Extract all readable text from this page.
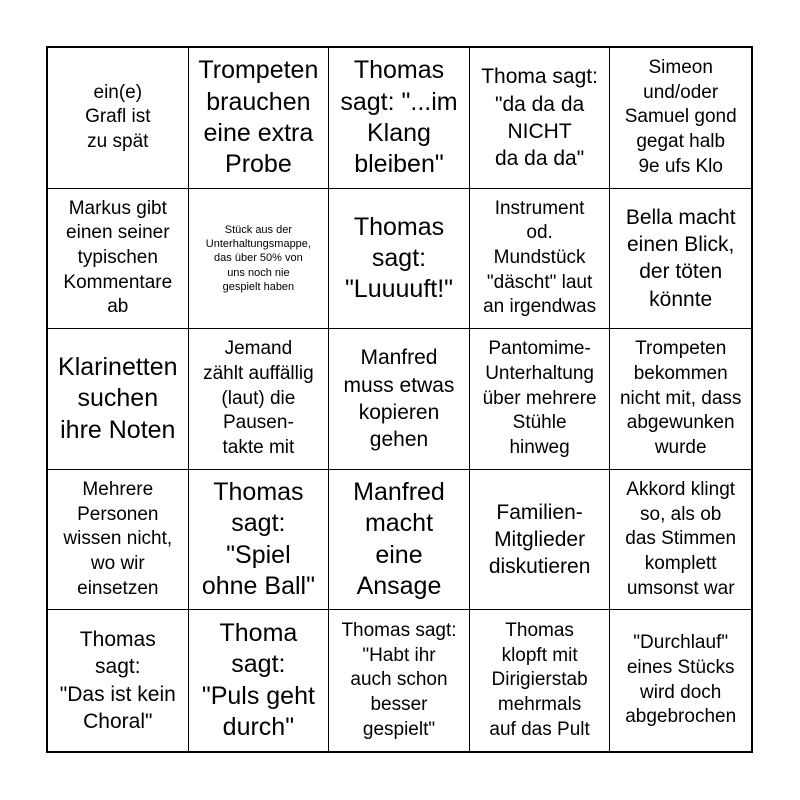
ein(e)
Grafl ist
zu spät
Trompeten
brauchen
eine extra
Probe
Thomas
sagt: "...im
Klang
bleiben"
Thoma sagt:
"da da da
NICHT
da da da"
Simeon
und/oder
Samuel gond
gegat halb
9e ufs Klo
Markus gibt
einen seiner
typischen
Kommentare
ab
Stück aus der
Unterhaltungsmappe,
das über 50% von
uns noch nie
gespielt haben
Thomas
sagt:
"Luuuuft!"
Instrument
od.
Mundstück
"däscht" laut
an irgendwas
Bella macht
einen Blick,
der töten
könnte
Klarinetten
suchen
ihre Noten
Jemand
zählt auffällig
(laut) die
Pausen-
takte mit
Manfred
muss etwas
kopieren
gehen
Pantomime-
Unterhaltung
über mehrere
Stühle
hinweg
Trompeten
bekommen
nicht mit, dass
abgewunken
wurde
Mehrere
Personen
wissen nicht,
wo wir
einsetzen
Thomas
sagt:
"Spiel
ohne Ball"
Manfred
macht
eine
Ansage
Familien-
Mitglieder
diskutieren
Akkord klingt
so, als ob
das Stimmen
komplett
umsonst war
Thomas
sagt:
"Das ist kein
Choral"
Thoma
sagt:
"Puls geht
durch"
Thomas sagt:
"Habt ihr
auch schon
besser
gespielt"
Thomas
klopft mit
Dirigierstab
mehrmals
auf das Pult
"Durchlauf"
eines Stücks
wird doch
abgebrochen
